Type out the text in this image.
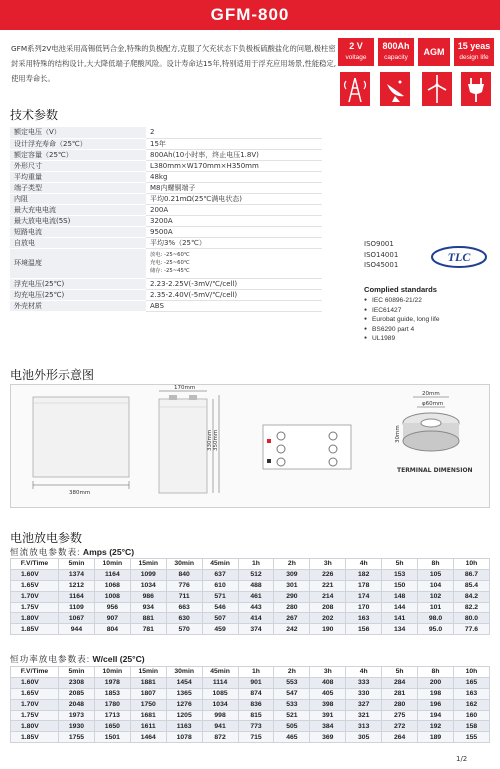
GFM-800

GFM系列2V电池采用高锡低钙合金,特殊的负极配方,克服了欠充状态下负极板硫酸盐化的问题,极柱密封采用特殊的结构设计,大大降低端子爬酸风险。设计寿命达15年,特别适用于浮充应用场景,性能稳定,使用寿命长。

2 V
voltage
800Ah
capacity
AGM
15 yeas
design life
技术参数
额定电压（V）	2
设计浮充寿命（25℃）	15年
额定容量（25℃）	800Ah(10小时率，终止电压1.8V)
外形尺寸	L380mm×W170mm×H350mm
平均重量	48kg
端子类型	M8内螺铜端子
内阻	平均0.21mΩ(25℃满电状态)
最大充电电流	200A
最大放电电流(5S)	3200A
短路电流	9500A
自放电	平均3%（25℃）
环境温度	放电: -25~60℃
充电: -25~60℃
储存: -25~45℃

浮充电压(25℃)	2.23-2.25V(-3mV/℃/cell)
均充电压(25℃)	2.35-2.40V(-5mV/℃/cell)
外壳材质	ABS
ISO9001
ISO14001
ISO45001
TLC
Complied standards
● IEC 60896-21/22
● IEC61427
● Eurobat guide, long life
● BS6290 part 4
● UL1989
电池外形示意图
380mm
170mm
330mm 350mm
20mm
φ60mm
30mm
TERMINAL DIMENSION
电池放电参数
恒流放电参数表: Amps (25°C)
F.V/Time	5min	10min	15min	30min	45min	1h	2h	3h	4h	5h	8h	10h
1.60V	1374	1164	1099	840	637	512	309	226	182	153	105	86.7
1.65V	1212	1068	1034	776	610	488	301	221	178	150	104	85.4
1.70V	1164	1008	986	711	571	461	290	214	174	148	102	84.2
1.75V	1109	956	934	663	546	443	280	208	170	144	101	82.2
1.80V	1067	907	881	630	507	414	267	202	163	141	98.0	80.0
1.85V	944	804	781	570	459	374	242	190	156	134	95.0	77.6
恒功率放电参数表: W/cell (25°C)
F.V/Time	5min	10min	15min	30min	45min	1h	2h	3h	4h	5h	8h	10h
1.60V	2308	1978	1881	1454	1114	901	553	408	333	284	200	165
1.65V	2085	1853	1807	1365	1085	874	547	405	330	281	198	163
1.70V	2048	1780	1750	1276	1034	836	533	398	327	280	196	162
1.75V	1973	1713	1681	1205	998	815	521	391	321	275	194	160
1.80V	1930	1650	1611	1163	941	773	505	384	313	272	192	158
1.85V	1755	1501	1464	1078	872	715	465	369	305	264	189	155
1/2
